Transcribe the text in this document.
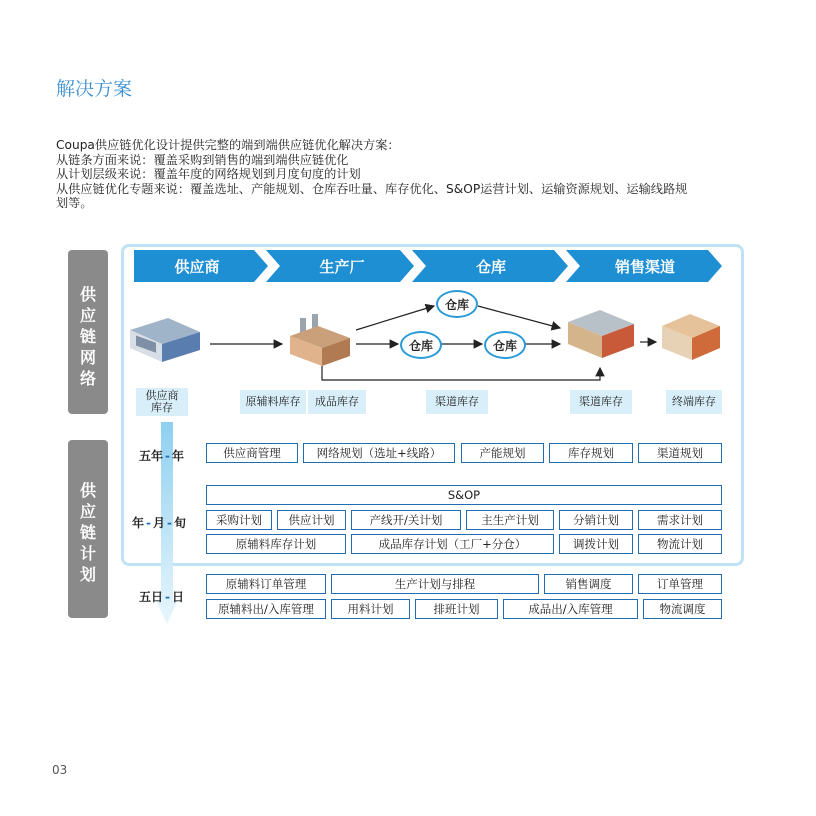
解决方案
Coupa供应链优化设计提供完整的端到端供应链优化解决方案：
从链条方面来说：覆盖采购到销售的端到端供应链优化
从计划层级来说：覆盖年度的网络规划到月度旬度的计划
从供应链优化专题来说：覆盖选址、产能规划、仓库吞吐量、库存优化、S&OP运营计划、运输资源规划、运输线路规
划等。
供
应
链
网
络
供
应
链
计
划
供应商	生产厂	仓库	销售渠道
仓库
仓库	仓库
供应商
库存	原辅料库存	成品库存	渠道库存	渠道库存	终端库存
五年 - 年
年 - 月 - 旬
五日 - 日
供应商管理	网络规划（选址+线路）	产能规划	库存规划	渠道规划
S&OP
采购计划	供应计划	产线开/关计划	主生产计划	分销计划	需求计划
原辅料库存计划	成品库存计划（工厂+分仓）	调拨计划	物流计划
原辅料订单管理	生产计划与排程	销售调度	订单管理
原辅料出/入库管理	用料计划	排班计划	成品出/入库管理	物流调度
03
